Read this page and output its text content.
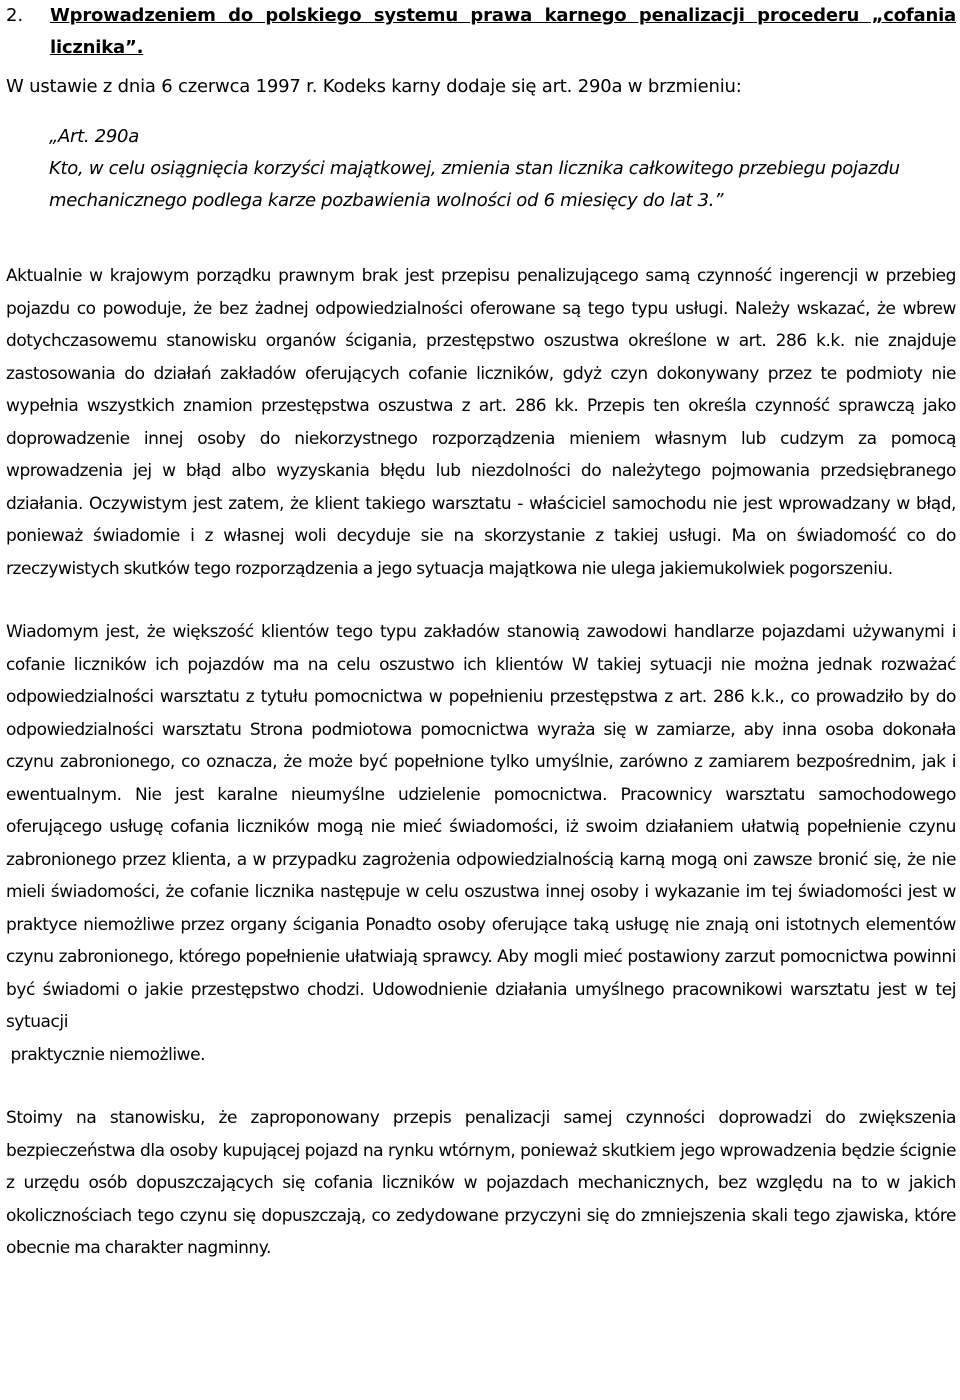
2.	Wprowadzeniem do polskiego systemu prawa karnego penalizacji procederu „cofania licznika”.

W ustawie z dnia 6 czerwca 1997 r. Kodeks karny dodaje się art. 290a w brzmieniu:

„Art. 290a
Kto, w celu osiągnięcia korzyści majątkowej, zmienia stan licznika całkowitego przebiegu pojazdu mechanicznego podlega karze pozbawienia wolności od 6 miesięcy do lat 3.”

Aktualnie w krajowym porządku prawnym brak jest przepisu penalizującego samą czynność ingerencji w przebieg pojazdu co powoduje, że bez żadnej odpowiedzialności oferowane są tego typu usługi. Należy wskazać, że wbrew dotychczasowemu stanowisku organów ścigania, przestępstwo oszustwa określone w art. 286 k.k. nie znajduje zastosowania do działań zakładów oferujących cofanie liczników, gdyż czyn dokonywany przez te podmioty nie wypełnia wszystkich znamion przestępstwa oszustwa z art. 286 kk. Przepis ten określa czynność sprawczą jako doprowadzenie innej osoby do niekorzystnego rozporządzenia mieniem własnym lub cudzym za pomocą wprowadzenia jej w błąd albo wyzyskania błędu lub niezdolności do należytego pojmowania przedsiębranego działania. Oczywistym jest zatem, że klient takiego warsztatu - właściciel samochodu nie jest wprowadzany w błąd, ponieważ świadomie i z własnej woli decyduje sie na skorzystanie z takiej usługi. Ma on świadomość co do rzeczywistych skutków tego rozporządzenia a jego sytuacja majątkowa nie ulega jakiemukolwiek pogorszeniu.

Wiadomym jest, że większość klientów tego typu zakładów stanowią zawodowi handlarze pojazdami używanymi i cofanie liczników ich pojazdów ma na celu oszustwo ich klientów W takiej sytuacji nie można jednak rozważać odpowiedzialności warsztatu z tytułu pomocnictwa w popełnieniu przestępstwa z art. 286 k.k., co prowadziło by do odpowiedzialności warsztatu Strona podmiotowa pomocnictwa wyraża się w zamiarze, aby inna osoba dokonała czynu zabronionego, co oznacza, że może być popełnione tylko umyślnie, zarówno z zamiarem bezpośrednim, jak i ewentualnym. Nie jest karalne nieumyślne udzielenie pomocnictwa. Pracownicy warsztatu samochodowego oferującego usługę cofania liczników mogą nie mieć świadomości, iż swoim działaniem ułatwią popełnienie czynu zabronionego przez klienta, a w przypadku zagrożenia odpowiedzialnością karną mogą oni zawsze bronić się, że nie mieli świadomości, że cofanie licznika następuje w celu oszustwa innej osoby i wykazanie im tej świadomości jest w praktyce niemożliwe przez organy ścigania Ponadto osoby oferujące taką usługę nie znają oni istotnych elementów czynu zabronionego, którego popełnienie ułatwiają sprawcy. Aby mogli mieć postawiony zarzut pomocnictwa powinni być świadomi o jakie przestępstwo chodzi. Udowodnienie działania umyślnego pracownikowi warsztatu jest w tej sytuacji

praktycznie niemożliwe.

Stoimy na stanowisku, że zaproponowany przepis penalizacji samej czynności doprowadzi do zwiększenia bezpieczeństwa dla osoby kupującej pojazd na rynku wtórnym, ponieważ skutkiem jego wprowadzenia będzie ścignie z urzędu osób dopuszczających się cofania liczników w pojazdach mechanicznych, bez względu na to w jakich okolicznościach tego czynu się dopuszczają, co zedydowane przyczyni się do zmniejszenia skali tego zjawiska, które obecnie ma charakter nagminny.
